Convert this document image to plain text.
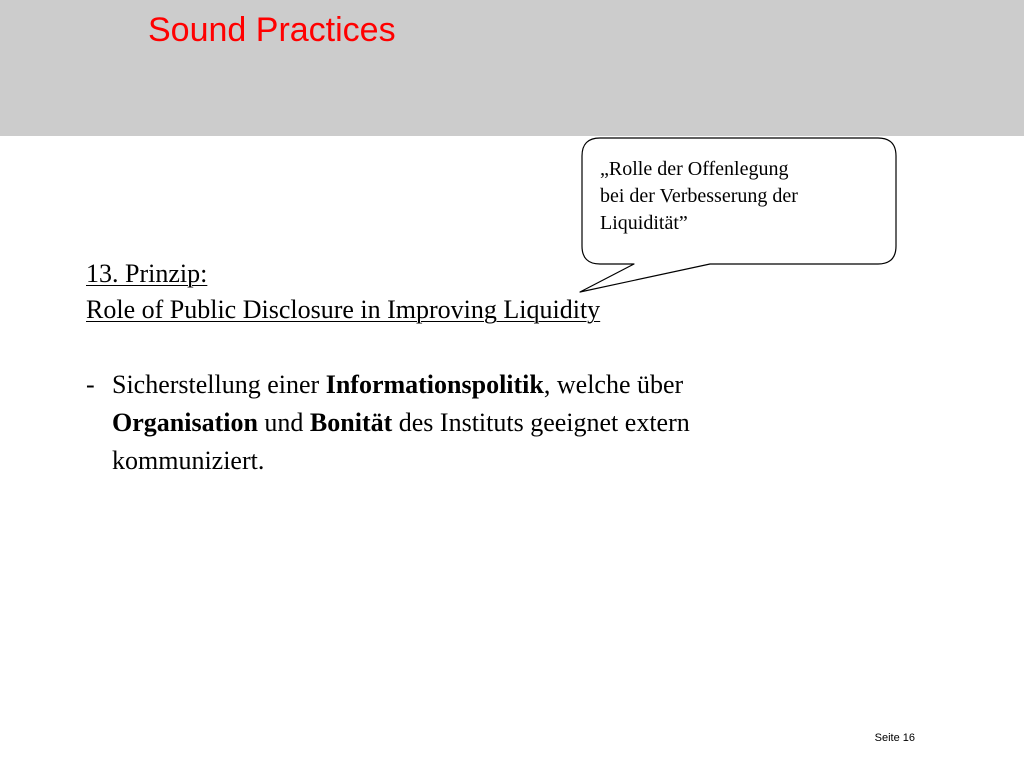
Sound Practices
„Rolle der Offenlegung
bei der Verbesserung der
Liquidität”
13. Prinzip:
Role of Public Disclosure in Improving Liquidity
- Sicherstellung einer Informationspolitik, welche über
Organisation und Bonität des Instituts geeignet extern
kommuniziert.
Seite 16
